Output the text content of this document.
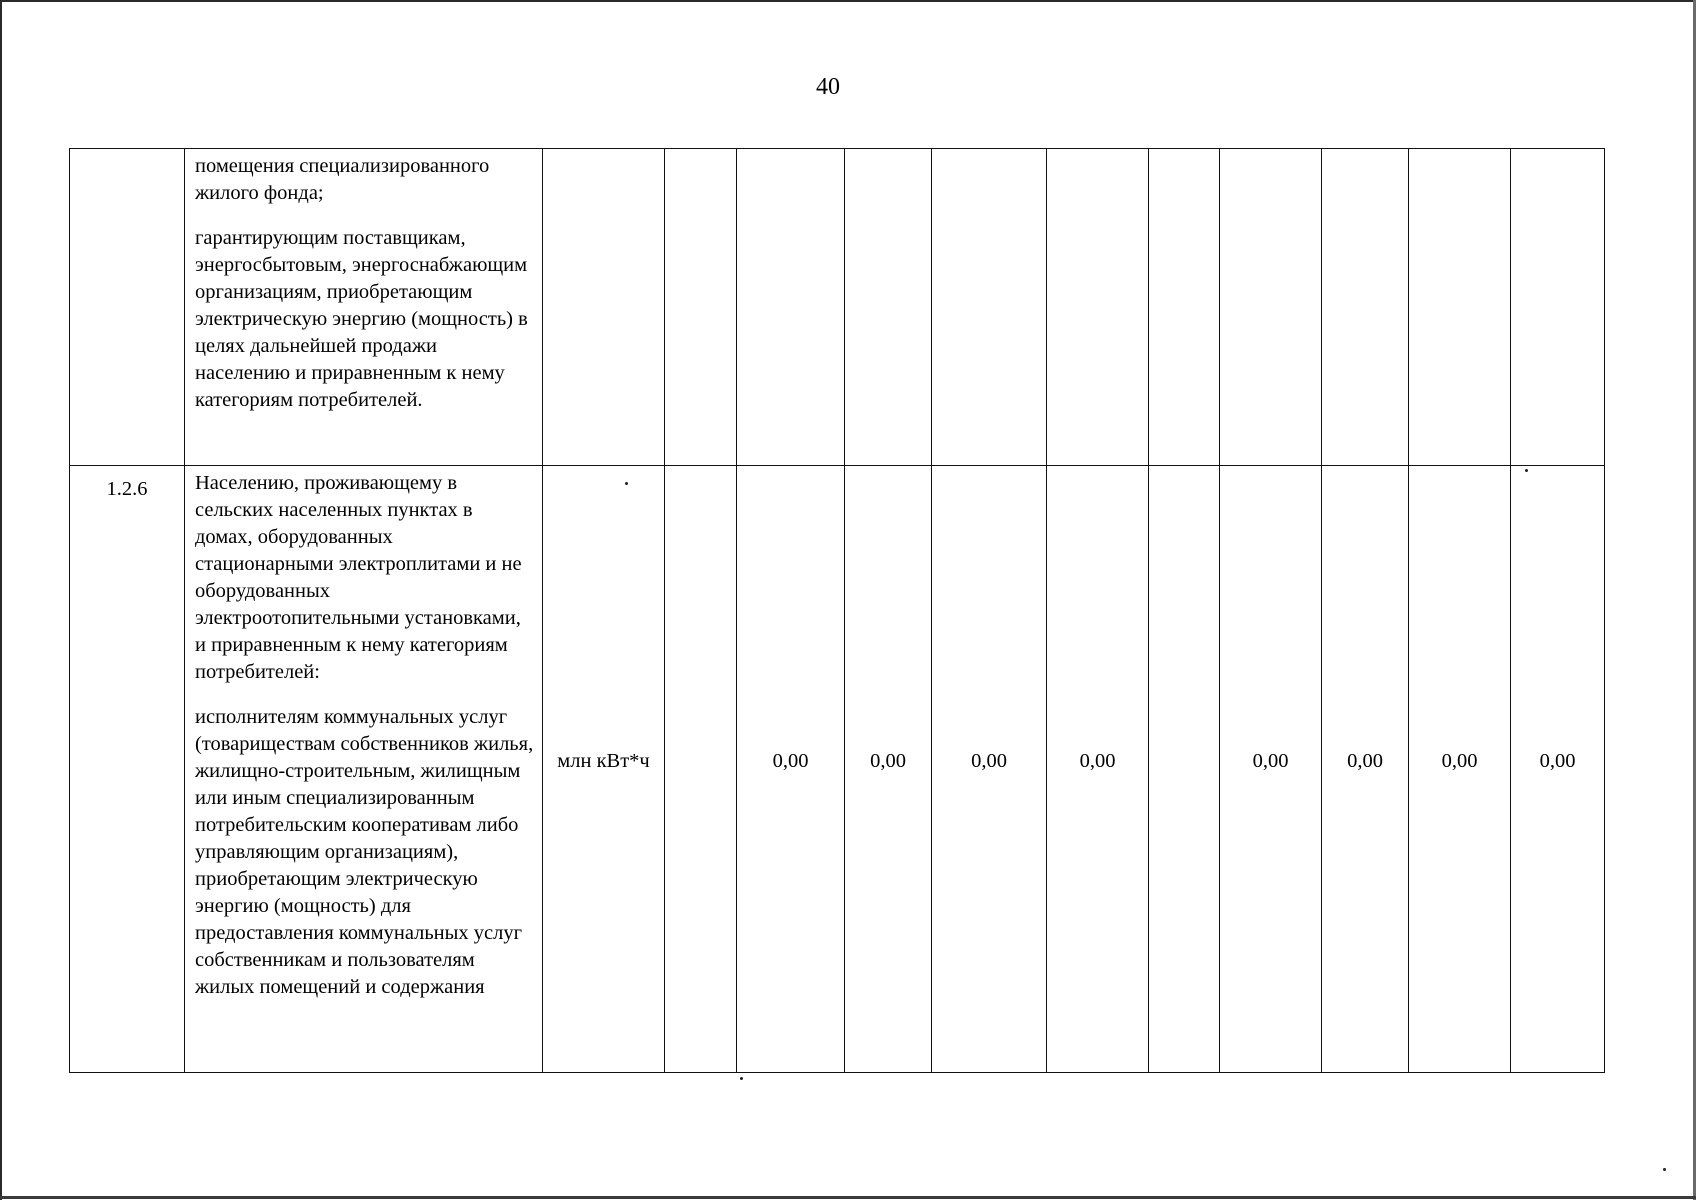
40

	помещения специализированного жилого фонда;

гарантирующим поставщикам, энергосбытовым, энергоснабжающим организациям, приобретающим электрическую энергию (мощность) в целях дальнейшей продажи населению и приравненным к нему категориям потребителей.											

1.2.6	Населению, проживающему в сельских населенных пунктах в домах, оборудованных стационарными электроплитами и не оборудованных электроотопительными установками, и приравненным к нему категориям потребителей:

исполнителям коммунальных услуг (товариществам собственников жилья, жилищно-строительным, жилищным или иным специализированным потребительским кооперативам либо управляющим организациям), приобретающим электрическую энергию (мощность) для предоставления коммунальных услуг собственникам и пользователям жилых помещений и содержания	млн кВт*ч		0,00	0,00	0,00	0,00		0,00	0,00	0,00	0,00
